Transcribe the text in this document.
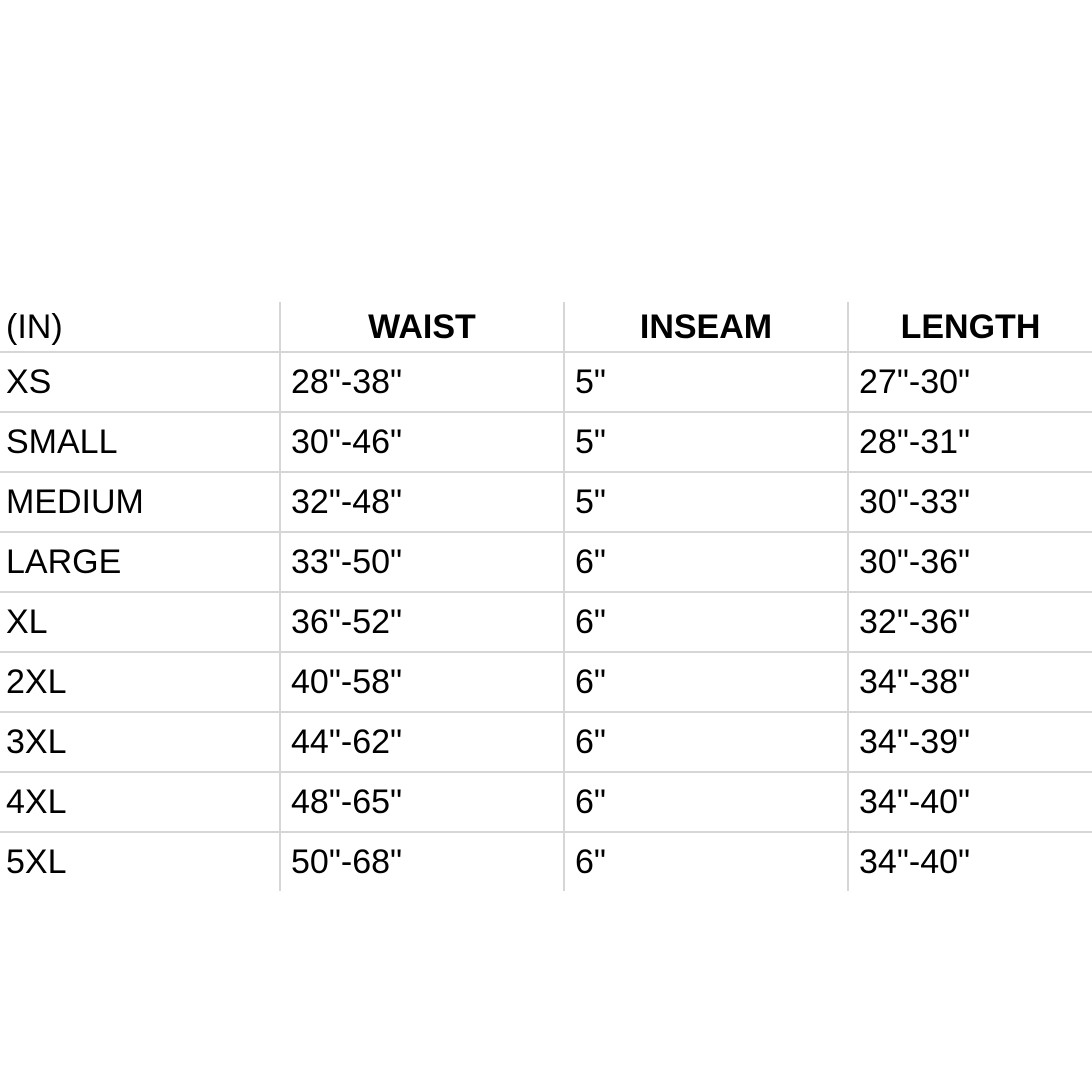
(IN)	WAIST	INSEAM	LENGTH
XS	28"-38"	5"	27"-30"
SMALL	30"-46"	5"	28"-31"
MEDIUM	32"-48"	5"	30"-33"
LARGE	33"-50"	6"	30"-36"
XL	36"-52"	6"	32"-36"
2XL	40"-58"	6"	34"-38"
3XL	44"-62"	6"	34"-39"
4XL	48"-65"	6"	34"-40"
5XL	50"-68"	6"	34"-40"
